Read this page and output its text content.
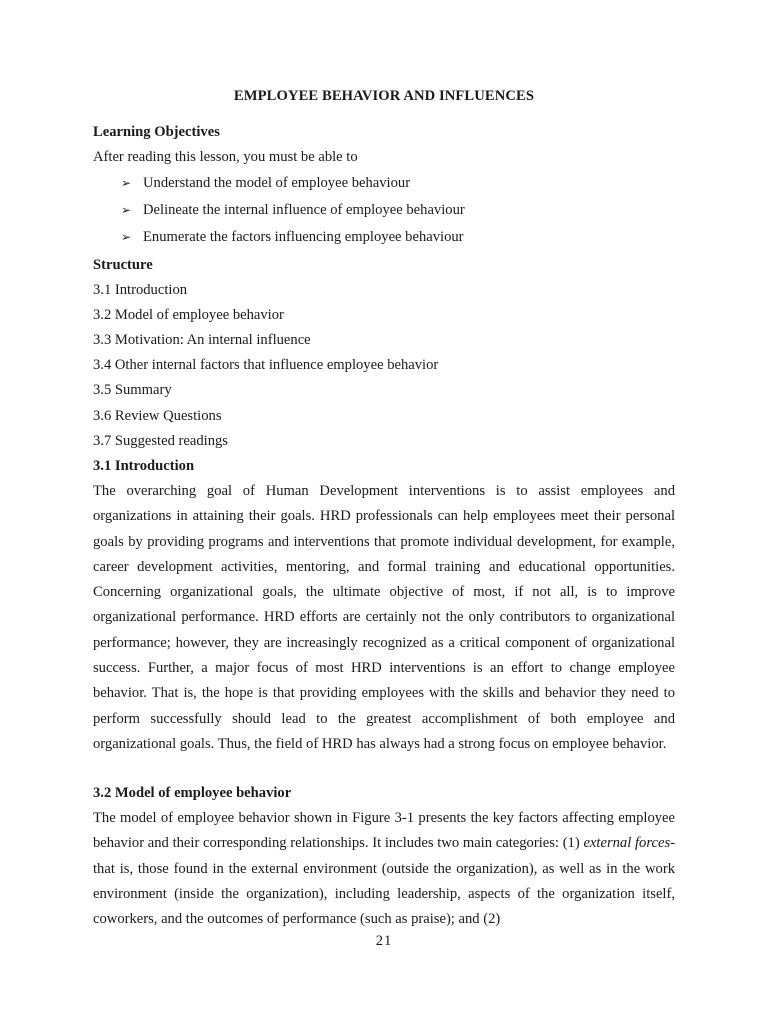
EMPLOYEE BEHAVIOR AND INFLUENCES
Learning Objectives
After reading this lesson, you must be able to
➢ Understand the model of employee behaviour
➢ Delineate the internal influence of employee behaviour
➢ Enumerate the factors influencing employee behaviour
Structure
3.1 Introduction
3.2 Model of employee behavior
3.3 Motivation: An internal influence
3.4 Other internal factors that influence employee behavior
3.5 Summary
3.6 Review Questions
3.7 Suggested readings
3.1 Introduction
The overarching goal of Human Development interventions is to assist employees and organizations in attaining their goals. HRD professionals can help employees meet their personal goals by providing programs and interventions that promote individual development, for example, career development activities, mentoring, and formal training and educational opportunities. Concerning organizational goals, the ultimate objective of most, if not all, is to improve organizational performance. HRD efforts are certainly not the only contributors to organizational performance; however, they are increasingly recognized as a critical component of organizational success. Further, a major focus of most HRD interventions is an effort to change employee behavior. That is, the hope is that providing employees with the skills and behavior they need to perform successfully should lead to the greatest accomplishment of both employee and organizational goals. Thus, the field of HRD has always had a strong focus on employee behavior.
3.2 Model of employee behavior
The model of employee behavior shown in Figure 3-1 presents the key factors affecting employee behavior and their corresponding relationships. It includes two main categories: (1) external forces- that is, those found in the external environment (outside the organization), as well as in the work environment (inside the organization), including leadership, aspects of the organization itself, coworkers, and the outcomes of performance (such as praise); and (2)
21
